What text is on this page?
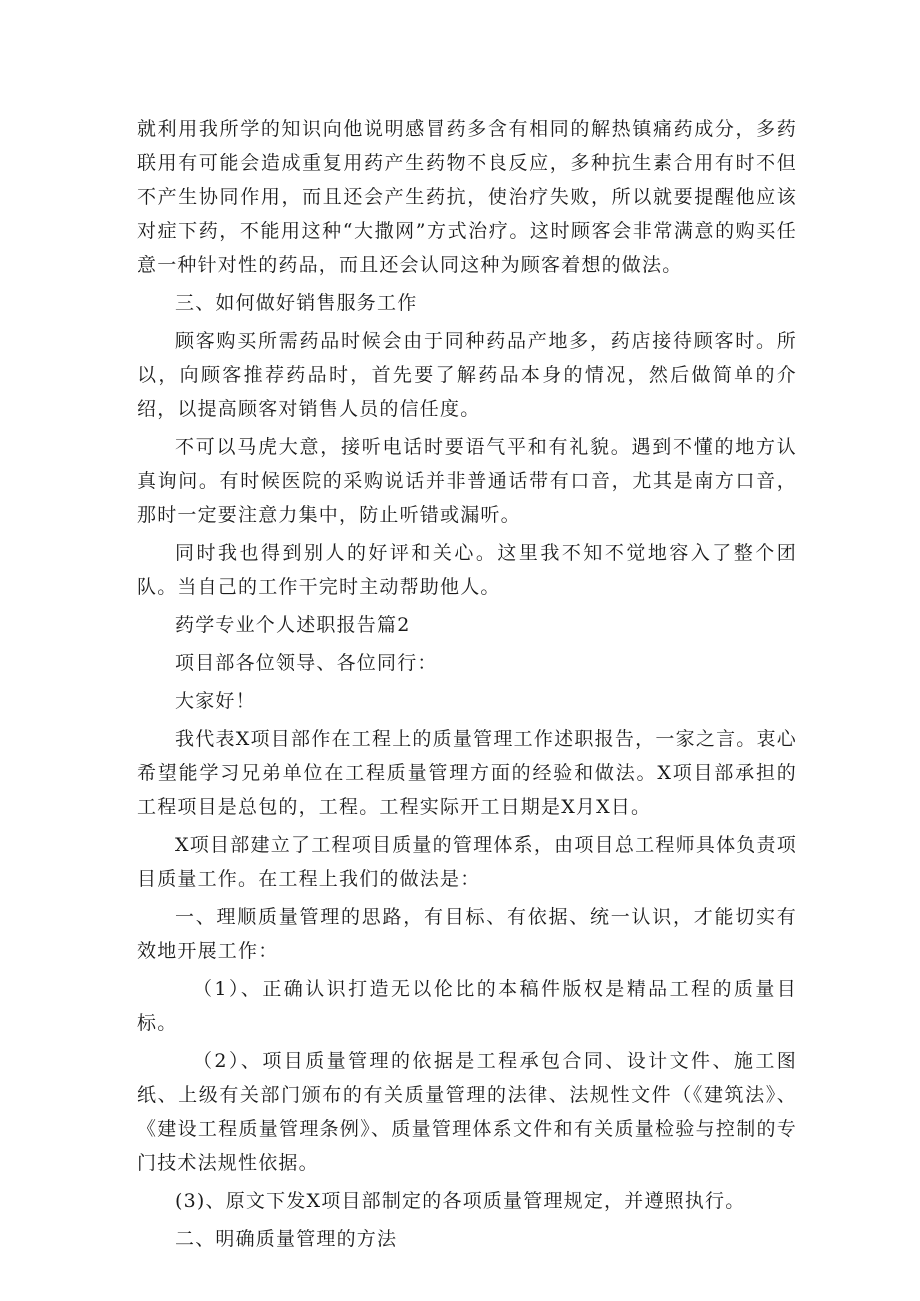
就利用我所学的知识向他说明感冒药多含有相同的解热镇痛药成分，多药联用有可能会造成重复用药产生药物不良反应，多种抗生素合用有时不但不产生协同作用，而且还会产生药抗，使治疗失败，所以就要提醒他应该对症下药，不能用这种“大撒网”方式治疗。这时顾客会非常满意的购买任意一种针对性的药品，而且还会认同这种为顾客着想的做法。

三、如何做好销售服务工作

顾客购买所需药品时候会由于同种药品产地多，药店接待顾客时。所以，向顾客推荐药品时，首先要了解药品本身的情况，然后做简单的介绍，以提高顾客对销售人员的信任度。

不可以马虎大意，接听电话时要语气平和有礼貌。遇到不懂的地方认真询问。有时候医院的采购说话并非普通话带有口音，尤其是南方口音，那时一定要注意力集中，防止听错或漏听。

同时我也得到别人的好评和关心。这里我不知不觉地容入了整个团队。当自己的工作干完时主动帮助他人。

药学专业个人述职报告篇2

项目部各位领导、各位同行：

大家好！

我代表X项目部作在工程上的质量管理工作述职报告，一家之言。衷心希望能学习兄弟单位在工程质量管理方面的经验和做法。X项目部承担的工程项目是总包的，工程。工程实际开工日期是X月X日。

X项目部建立了工程项目质量的管理体系，由项目总工程师具体负责项目质量工作。在工程上我们的做法是：

一、理顺质量管理的思路，有目标、有依据、统一认识，才能切实有效地开展工作：

（1）、正确认识打造无以伦比的本稿件版权是精品工程的质量目标。

（2）、项目质量管理的依据是工程承包合同、设计文件、施工图纸、上级有关部门颁布的有关质量管理的法律、法规性文件（《建筑法》、《建设工程质量管理条例》、质量管理体系文件和有关质量检验与控制的专门技术法规性依据。

(3)、原文下发X项目部制定的各项质量管理规定，并遵照执行。

二、明确质量管理的方法
